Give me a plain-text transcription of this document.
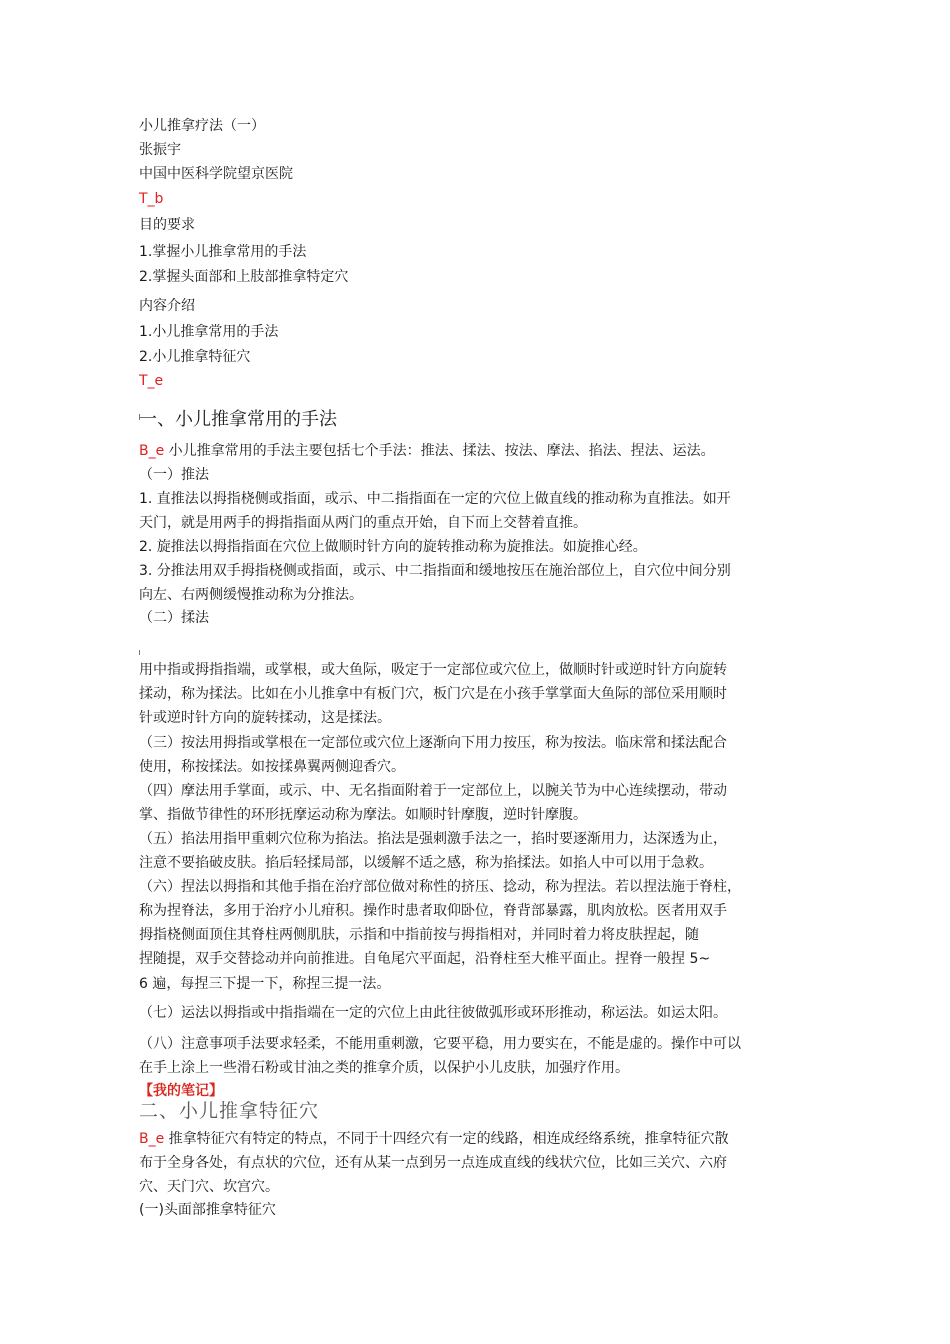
小儿推拿疗法（一）
张振宇
中国中医科学院望京医院
T_b
目的要求
1.掌握小儿推拿常用的手法
2.掌握头面部和上肢部推拿特定穴
内容介绍
1.小儿推拿常用的手法
2.小儿推拿特征穴
T_e
一、小儿推拿常用的手法
B_e 小儿推拿常用的手法主要包括七个手法：推法、揉法、按法、摩法、掐法、捏法、运法。
（一）推法
1. 直推法以拇指桡侧或指面，或示、中二指指面在一定的穴位上做直线的推动称为直推法。如开
天门，就是用两手的拇指指面从两门的重点开始，自下而上交替着直推。
2. 旋推法以拇指指面在穴位上做顺时针方向的旋转推动称为旋推法。如旋推心经。
3. 分推法用双手拇指桡侧或指面，或示、中二指指面和缓地按压在施治部位上，自穴位中间分别
向左、右两侧缓慢推动称为分推法。
（二）揉法
用中指或拇指指端，或掌根，或大鱼际，吸定于一定部位或穴位上，做顺时针或逆时针方向旋转
揉动，称为揉法。比如在小儿推拿中有板门穴，板门穴是在小孩手掌掌面大鱼际的部位采用顺时
针或逆时针方向的旋转揉动，这是揉法。
（三）按法用拇指或掌根在一定部位或穴位上逐渐向下用力按压，称为按法。临床常和揉法配合
使用，称按揉法。如按揉鼻翼两侧迎香穴。
（四）摩法用手掌面，或示、中、无名指面附着于一定部位上，以腕关节为中心连续摆动，带动
掌、指做节律性的环形抚摩运动称为摩法。如顺时针摩腹，逆时针摩腹。
（五）掐法用指甲重刺穴位称为掐法。掐法是强刺激手法之一，掐时要逐渐用力，达深透为止，
注意不要掐破皮肤。掐后轻揉局部，以缓解不适之感，称为掐揉法。如掐人中可以用于急救。
（六）捏法以拇指和其他手指在治疗部位做对称性的挤压、捻动，称为捏法。若以捏法施于脊柱，
称为捏脊法，多用于治疗小儿疳积。操作时患者取仰卧位，脊背部暴露，肌肉放松。医者用双手
拇指桡侧面顶住其脊柱两侧肌肤，示指和中指前按与拇指相对，并同时着力将皮肤捏起，随
捏随提，双手交替捻动并向前推进。自龟尾穴平面起，沿脊柱至大椎平面止。捏脊一般捏 5~
6 遍，每捏三下提一下，称捏三提一法。
（七）运法以拇指或中指指端在一定的穴位上由此往彼做弧形或环形推动，称运法。如运太阳。
（八）注意事项手法要求轻柔，不能用重刺激，它要平稳，用力要实在，不能是虚的。操作中可以
在手上涂上一些滑石粉或甘油之类的推拿介质，以保护小儿皮肤，加强疗作用。
【我的笔记】
二、小儿推拿特征穴
B_e 推拿特征穴有特定的特点，不同于十四经穴有一定的线路，相连成经络系统，推拿特征穴散
布于全身各处，有点状的穴位，还有从某一点到另一点连成直线的线状穴位，比如三关穴、六府
穴、天门穴、坎宫穴。
(一)头面部推拿特征穴
